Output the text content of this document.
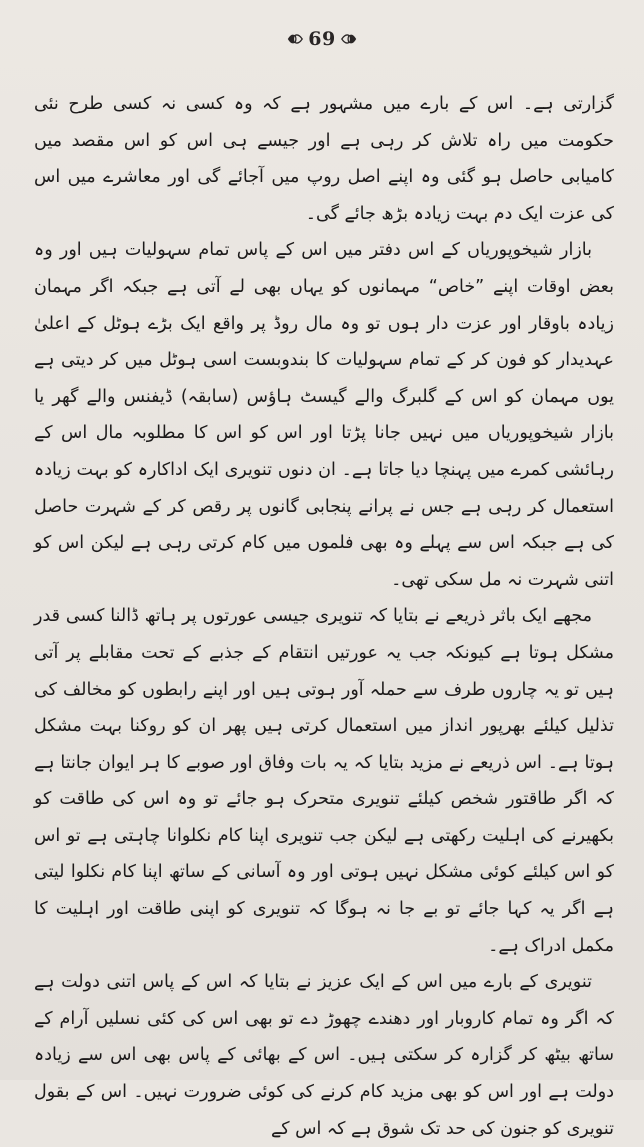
69

گزارتی ہے۔ اس کے بارے میں مشہور ہے کہ وہ کسی نہ کسی طرح نئی حکومت میں راہ تلاش کر رہی ہے اور جیسے ہی اس کو اس مقصد میں کامیابی حاصل ہو گئی وہ اپنے اصل روپ میں آجائے گی اور معاشرے میں اس کی عزت ایک دم بہت زیادہ بڑھ جائے گی۔

بازار شیخوپوریاں کے اس دفتر میں اس کے پاس تمام سہولیات ہیں اور وہ بعض اوقات اپنے ”خاص“ مہمانوں کو یہاں بھی لے آتی ہے جبکہ اگر مہمان زیادہ باوقار اور عزت دار ہوں تو وہ مال روڈ پر واقع ایک بڑے ہوٹل کے اعلیٰ عہدیدار کو فون کر کے تمام سہولیات کا بندوبست اسی ہوٹل میں کر دیتی ہے یوں مہمان کو اس کے گلبرگ والے گیسٹ ہاؤس (سابقہ) ڈیفنس والے گھر یا بازار شیخوپوریاں میں نہیں جانا پڑتا اور اس کو اس کا مطلوبہ مال اس کے رہائشی کمرے میں پہنچا دیا جاتا ہے۔ ان دنوں تنویری ایک اداکارہ کو بہت زیادہ استعمال کر رہی ہے جس نے پرانے پنجابی گانوں پر رقص کر کے شہرت حاصل کی ہے جبکہ اس سے پہلے وہ بھی فلموں میں کام کرتی رہی ہے لیکن اس کو اتنی شہرت نہ مل سکی تھی۔

مجھے ایک باثر ذریعے نے بتایا کہ تنویری جیسی عورتوں پر ہاتھ ڈالنا کسی قدر مشکل ہوتا ہے کیونکہ جب یہ عورتیں انتقام کے جذبے کے تحت مقابلے پر آتی ہیں تو یہ چاروں طرف سے حملہ آور ہوتی ہیں اور اپنے رابطوں کو مخالف کی تذلیل کیلئے بھرپور انداز میں استعمال کرتی ہیں پھر ان کو روکنا بہت مشکل ہوتا ہے۔ اس ذریعے نے مزید بتایا کہ یہ بات وفاق اور صوبے کا ہر ایوان جانتا ہے کہ اگر طاقتور شخص کیلئے تنویری متحرک ہو جائے تو وہ اس کی طاقت کو بکھیرنے کی اہلیت رکھتی ہے لیکن جب تنویری اپنا کام نکلوانا چاہتی ہے تو اس کو اس کیلئے کوئی مشکل نہیں ہوتی اور وہ آسانی کے ساتھ اپنا کام نکلوا لیتی ہے اگر یہ کہا جائے تو بے جا نہ ہوگا کہ تنویری کو اپنی طاقت اور اہلیت کا مکمل ادراک ہے۔

تنویری کے بارے میں اس کے ایک عزیز نے بتایا کہ اس کے پاس اتنی دولت ہے کہ اگر وہ تمام کاروبار اور دھندے چھوڑ دے تو بھی اس کی کئی نسلیں آرام کے ساتھ بیٹھ کر گزارہ کر سکتی ہیں۔ اس کے بھائی کے پاس بھی اس سے زیادہ دولت ہے اور اس کو بھی مزید کام کرنے کی کوئی ضرورت نہیں۔ اس کے بقول تنویری کو جنون کی حد تک شوق ہے کہ اس کے
